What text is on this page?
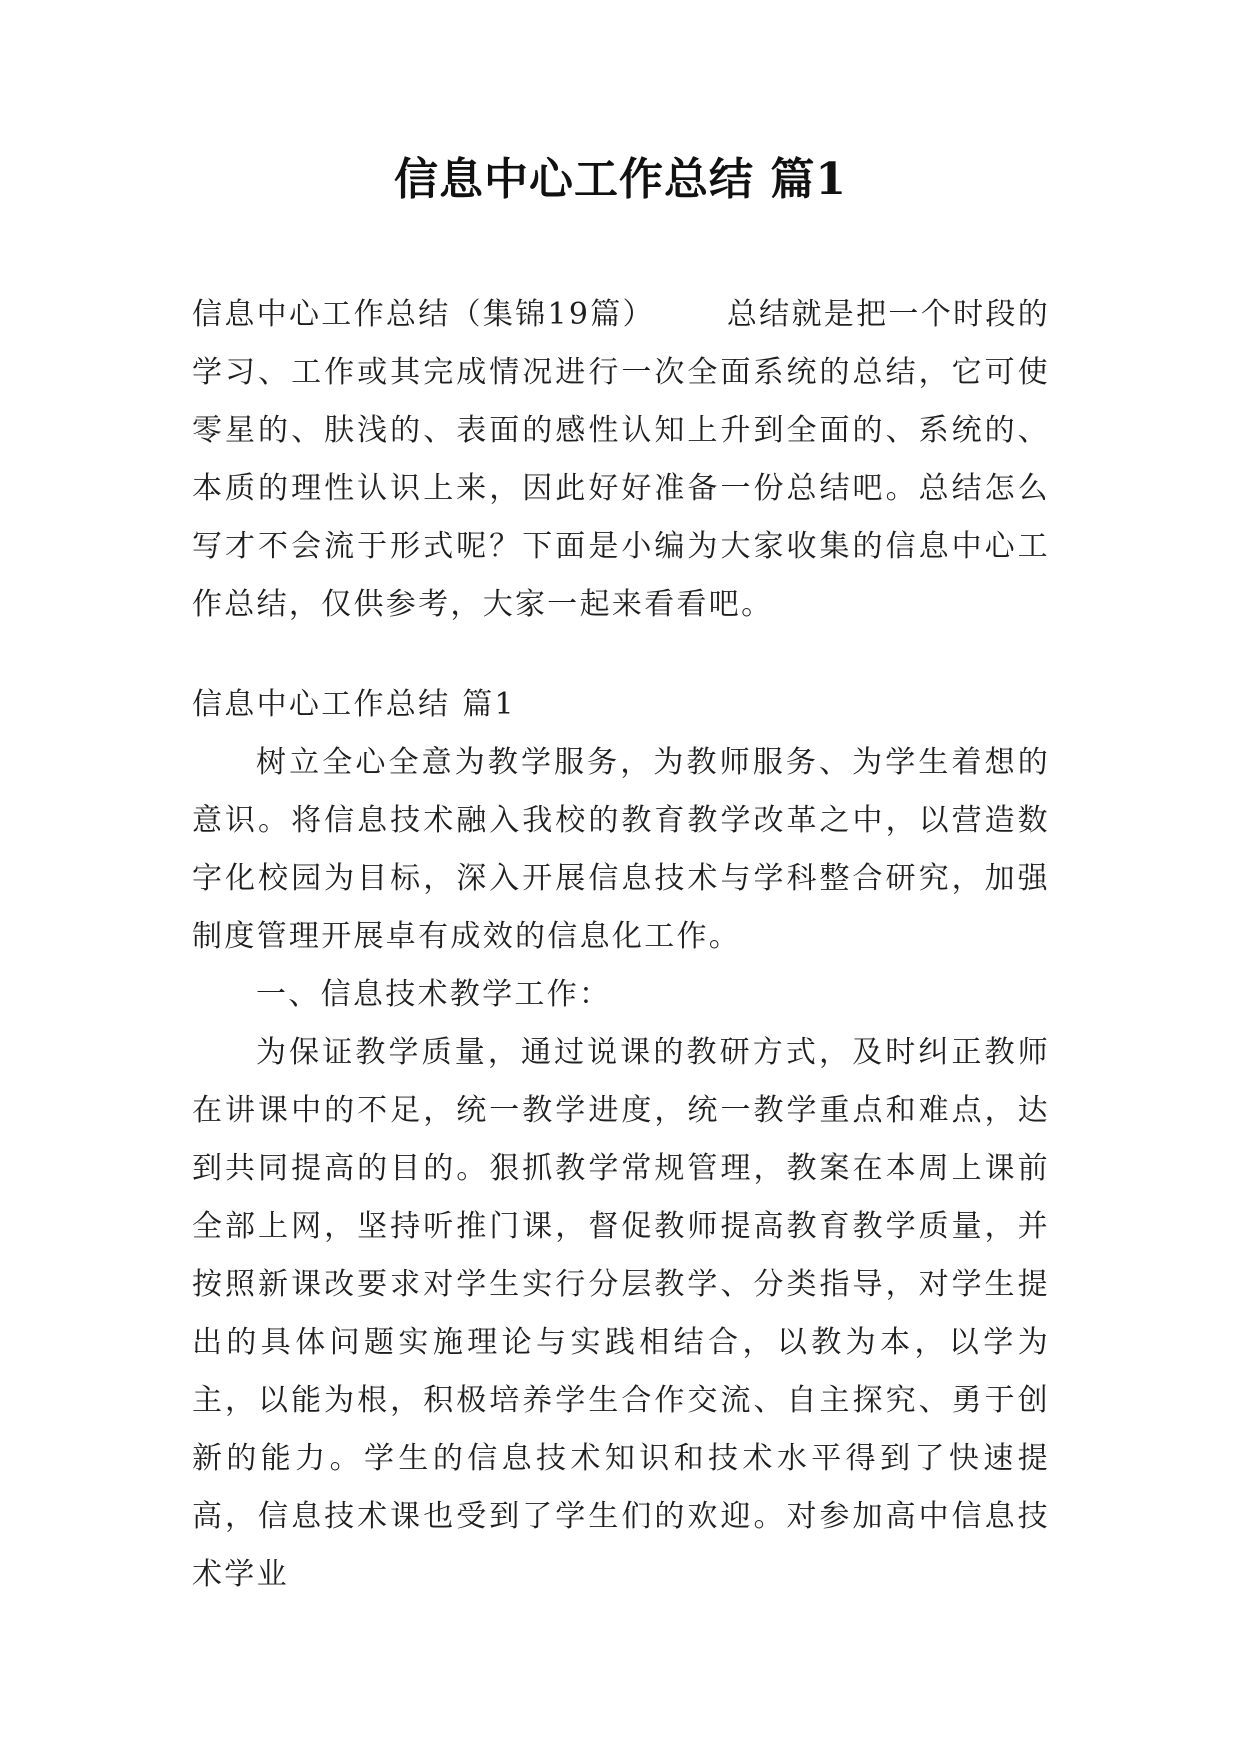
信息中心工作总结 篇1

信息中心工作总结（集锦19篇） 总结就是把一个时段的学习、工作或其完成情况进行一次全面系统的总结，它可使零星的、肤浅的、表面的感性认知上升到全面的、系统的、本质的理性认识上来，因此好好准备一份总结吧。总结怎么写才不会流于形式呢？下面是小编为大家收集的信息中心工作总结，仅供参考，大家一起来看看吧。

信息中心工作总结 篇1

树立全心全意为教学服务，为教师服务、为学生着想的意识。将信息技术融入我校的教育教学改革之中，以营造数字化校园为目标，深入开展信息技术与学科整合研究，加强制度管理开展卓有成效的信息化工作。

一、信息技术教学工作：

为保证教学质量，通过说课的教研方式，及时纠正教师在讲课中的不足，统一教学进度，统一教学重点和难点，达到共同提高的目的。狠抓教学常规管理，教案在本周上课前全部上网，坚持听推门课，督促教师提高教育教学质量，并按照新课改要求对学生实行分层教学、分类指导，对学生提出的具体问题实施理论与实践相结合，以教为本，以学为主，以能为根，积极培养学生合作交流、自主探究、勇于创新的能力。学生的信息技术知识和技术水平得到了快速提高，信息技术课也受到了学生们的欢迎。对参加高中信息技术学业
